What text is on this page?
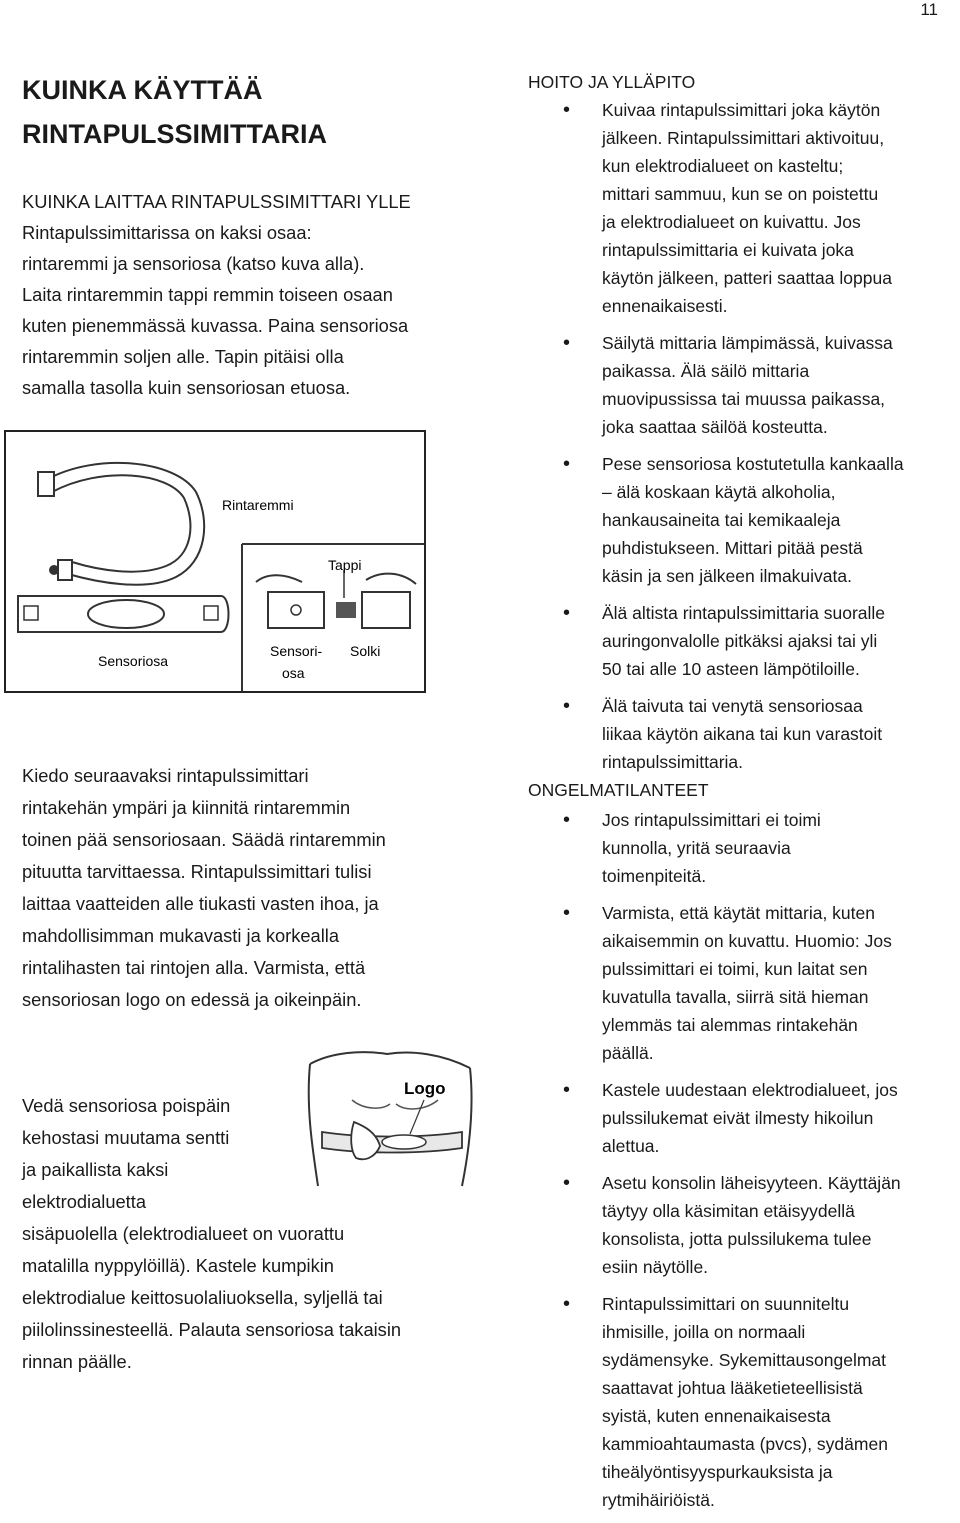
11
KUINKA KÄYTTÄÄ
RINTAPULSSIMITTARIA
KUINKA LAITTAA RINTAPULSSIMITTARI YLLE
Rintapulssimittarissa on kaksi osaa:
rintaremmi ja sensoriosa (katso kuva alla).
Laita rintaremmin tappi remmin toiseen osaan
kuten pienemmässä kuvassa. Paina sensoriosa
rintaremmin soljen alle. Tapin pitäisi olla
samalla tasolla kuin sensoriosan etuosa.
Rintaremmi
Sensoriosa
Tappi
Sensori-
osa
Solki
Kiedo seuraavaksi rintapulssimittari
rintakehän ympäri ja kiinnitä rintaremmin
toinen pää sensoriosaan. Säädä rintaremmin
pituutta tarvittaessa. Rintapulssimittari tulisi
laittaa vaatteiden alle tiukasti vasten ihoa, ja
mahdollisimman mukavasti ja korkealla
rintalihasten tai rintojen alla. Varmista, että
sensoriosan logo on edessä ja oikeinpäin.
Logo
Vedä sensoriosa poispäin
kehostasi muutama sentti
ja paikallista kaksi
elektrodialuetta
sisäpuolella (elektrodialueet on vuorattu
matalilla nyppylöillä). Kastele kumpikin
elektrodialue keittosuolaliuoksella, syljellä tai
piilolinssinesteellä. Palauta sensoriosa takaisin
rinnan päälle.
HOITO JA YLLÄPITO
• Kuivaa rintapulssimittari joka käytön
jälkeen. Rintapulssimittari aktivoituu,
kun elektrodialueet on kasteltu;
mittari sammuu, kun se on poistettu
ja elektrodialueet on kuivattu. Jos
rintapulssimittaria ei kuivata joka
käytön jälkeen, patteri saattaa loppua
ennenaikaisesti.
• Säilytä mittaria lämpimässä, kuivassa
paikassa. Älä säilö mittaria
muovipussissa tai muussa paikassa,
joka saattaa säilöä kosteutta.
• Pese sensoriosa kostutetulla kankaalla
– älä koskaan käytä alkoholia,
hankausaineita tai kemikaaleja
puhdistukseen. Mittari pitää pestä
käsin ja sen jälkeen ilmakuivata.
• Älä altista rintapulssimittaria suoralle
auringonvalolle pitkäksi ajaksi tai yli
50 tai alle 10 asteen lämpötiloille.
• Älä taivuta tai venytä sensoriosaa
liikaa käytön aikana tai kun varastoit
rintapulssimittaria.
ONGELMATILANTEET
• Jos rintapulssimittari ei toimi
kunnolla, yritä seuraavia
toimenpiteitä.
• Varmista, että käytät mittaria, kuten
aikaisemmin on kuvattu. Huomio: Jos
pulssimittari ei toimi, kun laitat sen
kuvatulla tavalla, siirrä sitä hieman
ylemmäs tai alemmas rintakehän
päällä.
• Kastele uudestaan elektrodialueet, jos
pulssilukemat eivät ilmesty hikoilun
alettua.
• Asetu konsolin läheisyyteen. Käyttäjän
täytyy olla käsimitan etäisyydellä
konsolista, jotta pulssilukema tulee
esiin näytölle.
• Rintapulssimittari on suunniteltu
ihmisille, joilla on normaali
sydämensyke. Sykemittausongelmat
saattavat johtua lääketieteellisistä
syistä, kuten ennenaikaisesta
kammioahtaumasta (pvcs), sydämen
tiheälyöntisyyspurkauksista ja
rytmihäiriöistä.
